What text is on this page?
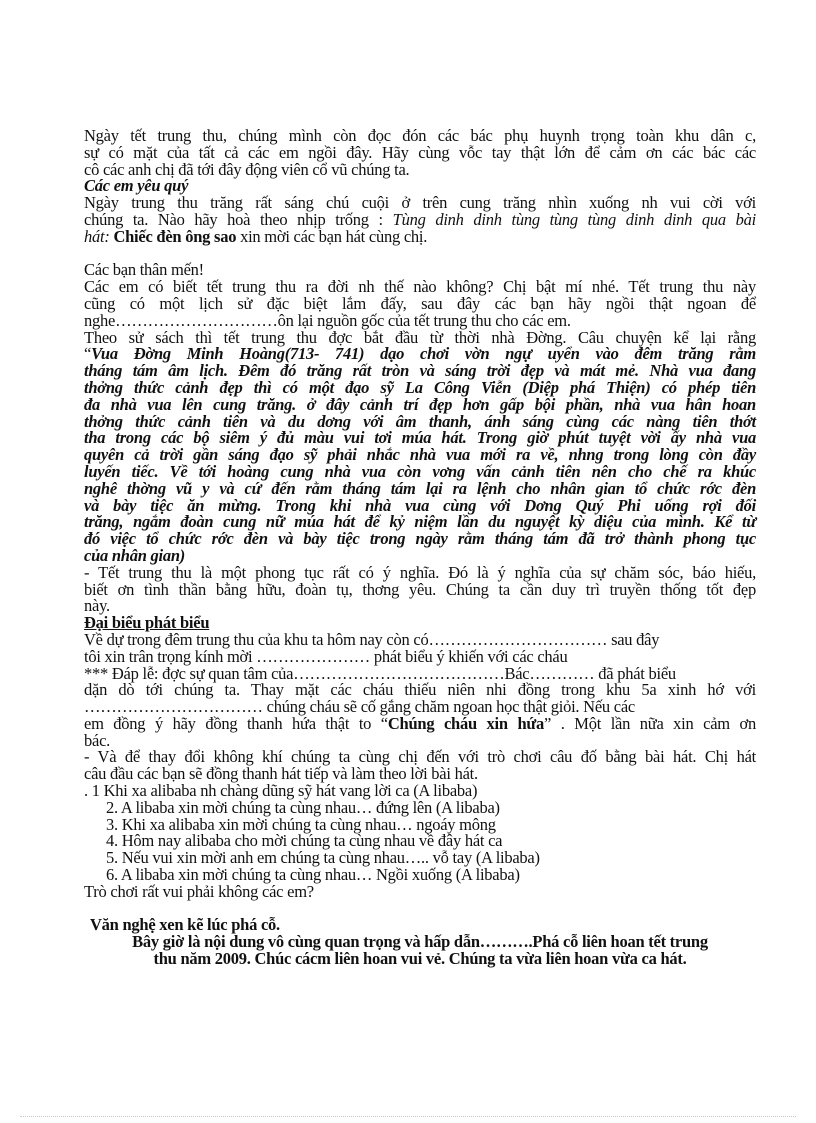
Ngày tết trung thu, chúng mình còn đọc đón các bác phụ huynh trọng toàn khu dân c,
sự có mặt của tất cả các em ngồi đây. Hãy cùng vỗc tay thật lớn để cảm ơn các bác các
cô các anh chị đã tới đây động viên cổ vũ chúng ta.
Các em yêu quý
Ngày trung thu trăng rất sáng chú cuội ở trên cung trăng nhìn xuống nh vui cời với
chúng ta. Nào hãy hoà theo nhịp trống : Tùng dinh dinh tùng tùng tùng dinh dinh qua bài
hát: Chiếc đèn ông sao xin mời các bạn hát cùng chị.
Các bạn thân mến!
Các em có biết tết trung thu ra đời nh thế nào không? Chị bật mí nhé. Tết trung thu này
cũng có một lịch sử đặc biệt lắm đấy, sau đây các bạn hãy ngồi thật ngoan để
nghe…………………………ôn lại nguồn gốc của tết trung thu cho các em.
Theo sử sách thì tết trung thu đợc bắt đầu từ thời nhà Đờng. Câu chuyện kể lại rằng
“Vua Đờng Minh Hoàng(713- 741) dạo chơi vờn ngự uyển vào đêm trăng rằm
tháng tám âm lịch. Đêm đó trăng rất tròn và sáng trời đẹp và mát mẻ. Nhà vua đang
thởng thức cảnh đẹp thì có một đạo sỹ La Công Viễn (Diệp phá Thiện) có phép tiên
đa nhà vua lên cung trăng. ở đây cảnh trí đẹp hơn gấp bội phần, nhà vua hân hoan
thởng thức cảnh tiên và du dơng với âm thanh, ánh sáng cùng các nàng tiên thớt
tha trong các bộ siêm ý đủ màu vui tơi múa hát. Trong giờ phút tuyệt vời ấy nhà vua
quyên cả trời gần sáng đạo sỹ phải nhắc nhà vua mới ra về, nhng trong lòng còn đầy
luyến tiếc. Về tới hoàng cung nhà vua còn vơng vấn cảnh tiên nên cho chế ra khúc
nghê thờng vũ y và cứ đến rằm tháng tám lại ra lệnh cho nhân gian tổ chức rớc đèn
và bày tiệc ăn mừng. Trong khi nhà vua cùng với Dơng Quý Phi uống rợi đối
trăng, ngắm đoàn cung nữ múa hát để kỷ niệm lần du nguyệt kỳ diệu của mình. Kể từ
đó việc tổ chức rớc đèn và bày tiệc trong ngày rằm tháng tám đã trở thành phong tục
của nhân gian)
- Tết trung thu là một phong tục rất có ý nghĩa. Đó là ý nghĩa của sự chăm sóc, báo hiếu,
biết ơn tình thần bằng hữu, đoàn tụ, thơng yêu. Chúng ta cần duy trì truyền thống tốt đẹp
này.
Đại biểu phát biểu
Về dự trong đêm trung thu của khu ta hôm nay còn có…………………………… sau đây
tôi xin trân trọng kính mời ………………… phát biểu ý khiến với các cháu
*** Đáp lễ: đợc sự quan tâm của…………………………………Bác………… đã phát biểu
dặn dò tới chúng ta. Thay mặt các cháu thiếu niên nhi đồng trong khu 5a xinh hớ với
…………………………… chúng cháu sẽ cố gắng chăm ngoan học thật giỏi. Nếu các
em đồng ý hãy đồng thanh hứa thật to “Chúng cháu xin hứa” . Một lần nữa xin cảm ơn
bác.
- Và để thay đổi không khí chúng ta cùng chị đến với trò chơi câu đố bằng bài hát. Chị hát
câu đầu các bạn sẽ đồng thanh hát tiếp và làm theo lời bài hát.
. 1 Khi xa alibaba nh chàng dũng sỹ hát vang lời ca (A libaba)
2. A libaba xin mời chúng ta cùng nhau… đứng lên (A libaba)
3. Khi xa alibaba xin mời chúng ta cùng nhau… ngoáy mông
4. Hôm nay alibaba cho mời chúng ta cùng nhau về đây hát ca
5. Nếu vui xin mời anh em chúng ta cùng nhau….. vỗ tay (A libaba)
6. A libaba xin mời chúng ta cùng nhau… Ngồi xuống (A libaba)
Trò chơi rất vui phải không các em?
Văn nghệ xen kẽ lúc phá cỗ.
Bây giờ là nội dung vô cùng quan trọng và hấp dẫn……….Phá cỗ liên hoan tết trung
thu năm 2009. Chúc cácm liên hoan vui vẻ. Chúng ta vừa liên hoan vừa ca hát.
